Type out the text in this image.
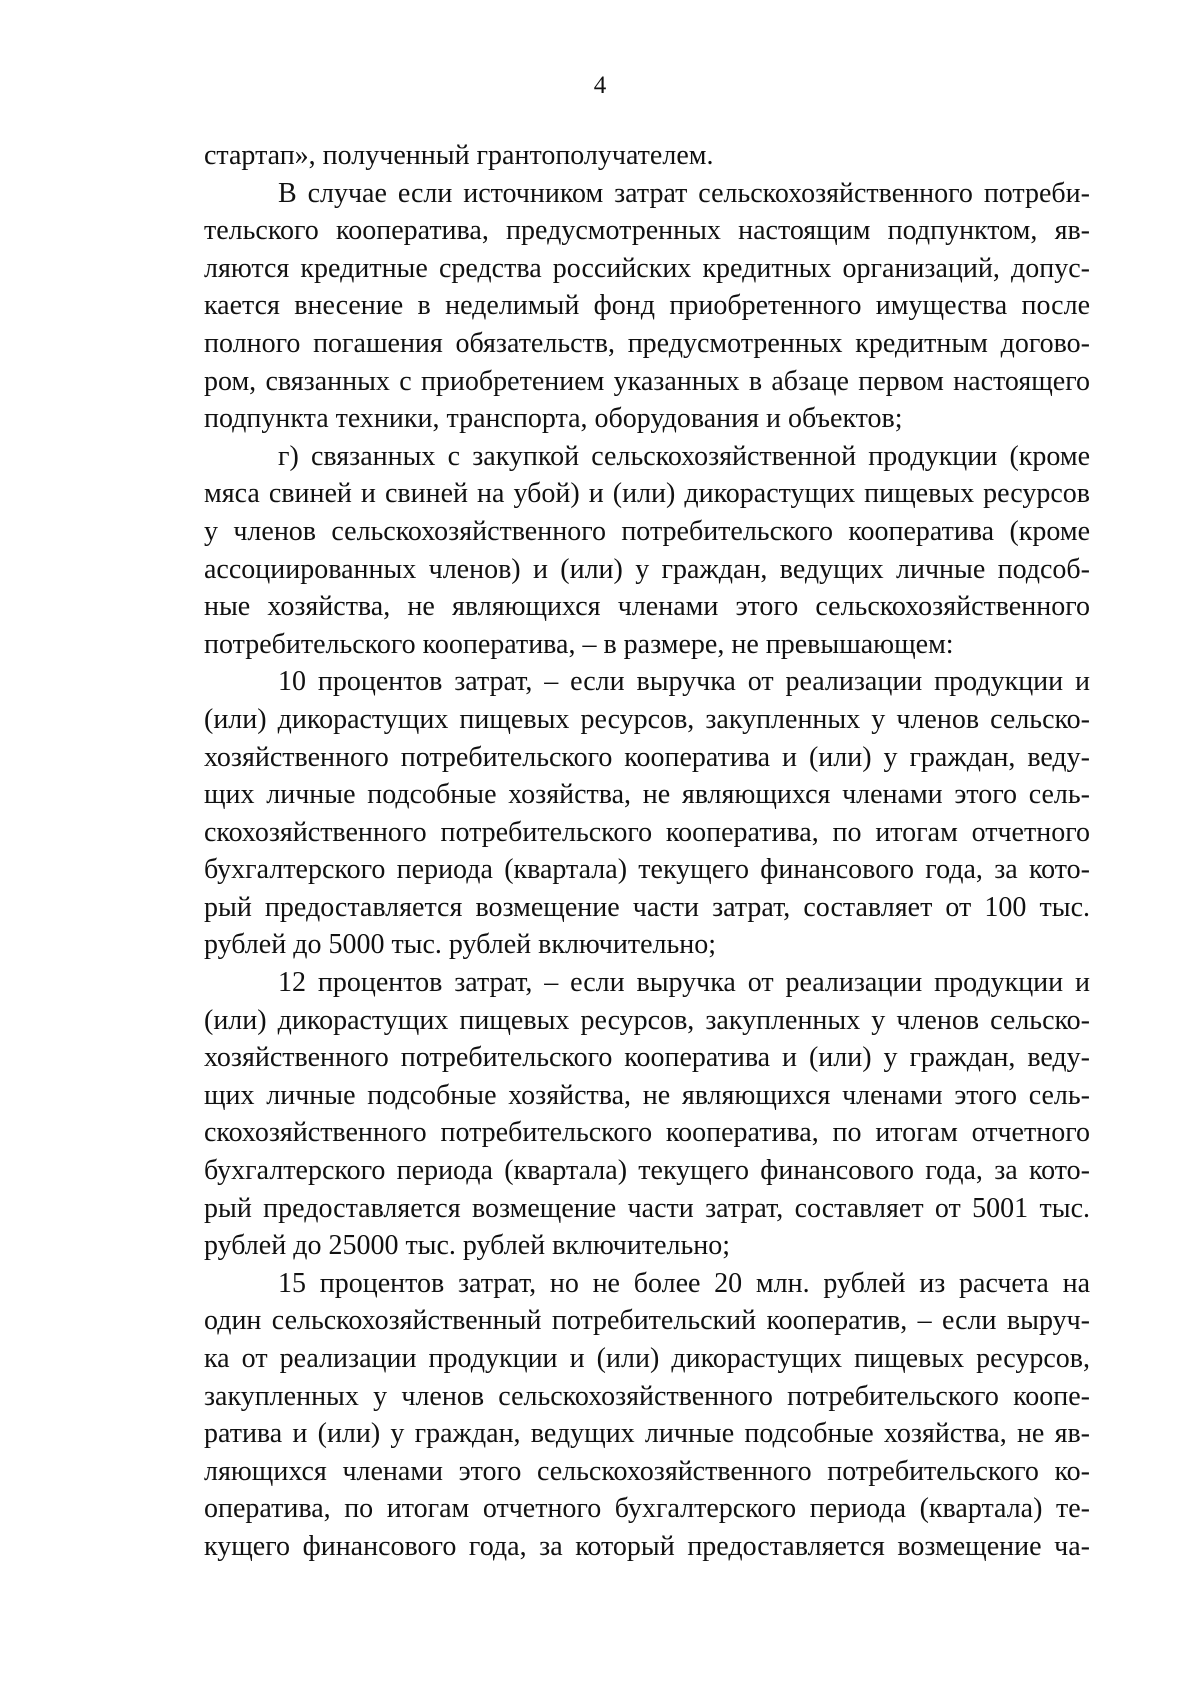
4
стартап», полученный грантополучателем.
В случае если источником затрат сельскохозяйственного потреби-
тельского кооператива, предусмотренных настоящим подпунктом, яв-
ляются кредитные средства российских кредитных организаций, допус-
кается внесение в неделимый фонд приобретенного имущества после
полного погашения обязательств, предусмотренных кредитным догово-
ром, связанных с приобретением указанных в абзаце первом настоящего
подпункта техники, транспорта, оборудования и объектов;
г) связанных с закупкой сельскохозяйственной продукции (кроме
мяса свиней и свиней на убой) и (или) дикорастущих пищевых ресурсов
у членов сельскохозяйственного потребительского кооператива (кроме
ассоциированных членов) и (или) у граждан, ведущих личные подсоб-
ные хозяйства, не являющихся членами этого сельскохозяйственного
потребительского кооператива, – в размере, не превышающем:
10 процентов затрат, – если выручка от реализации продукции и
(или) дикорастущих пищевых ресурсов, закупленных у членов сельско-
хозяйственного потребительского кооператива и (или) у граждан, веду-
щих личные подсобные хозяйства, не являющихся членами этого сель-
скохозяйственного потребительского кооператива, по итогам отчетного
бухгалтерского периода (квартала) текущего финансового года, за кото-
рый предоставляется возмещение части затрат, составляет от 100 тыс.
рублей до 5000 тыс. рублей включительно;
12 процентов затрат, – если выручка от реализации продукции и
(или) дикорастущих пищевых ресурсов, закупленных у членов сельско-
хозяйственного потребительского кооператива и (или) у граждан, веду-
щих личные подсобные хозяйства, не являющихся членами этого сель-
скохозяйственного потребительского кооператива, по итогам отчетного
бухгалтерского периода (квартала) текущего финансового года, за кото-
рый предоставляется возмещение части затрат, составляет от 5001 тыс.
рублей до 25000 тыс. рублей включительно;
15 процентов затрат, но не более 20 млн. рублей из расчета на
один сельскохозяйственный потребительский кооператив, – если выруч-
ка от реализации продукции и (или) дикорастущих пищевых ресурсов,
закупленных у членов сельскохозяйственного потребительского коопе-
ратива и (или) у граждан, ведущих личные подсобные хозяйства, не яв-
ляющихся членами этого сельскохозяйственного потребительского ко-
оператива, по итогам отчетного бухгалтерского периода (квартала) те-
кущего финансового года, за который предоставляется возмещение ча-
